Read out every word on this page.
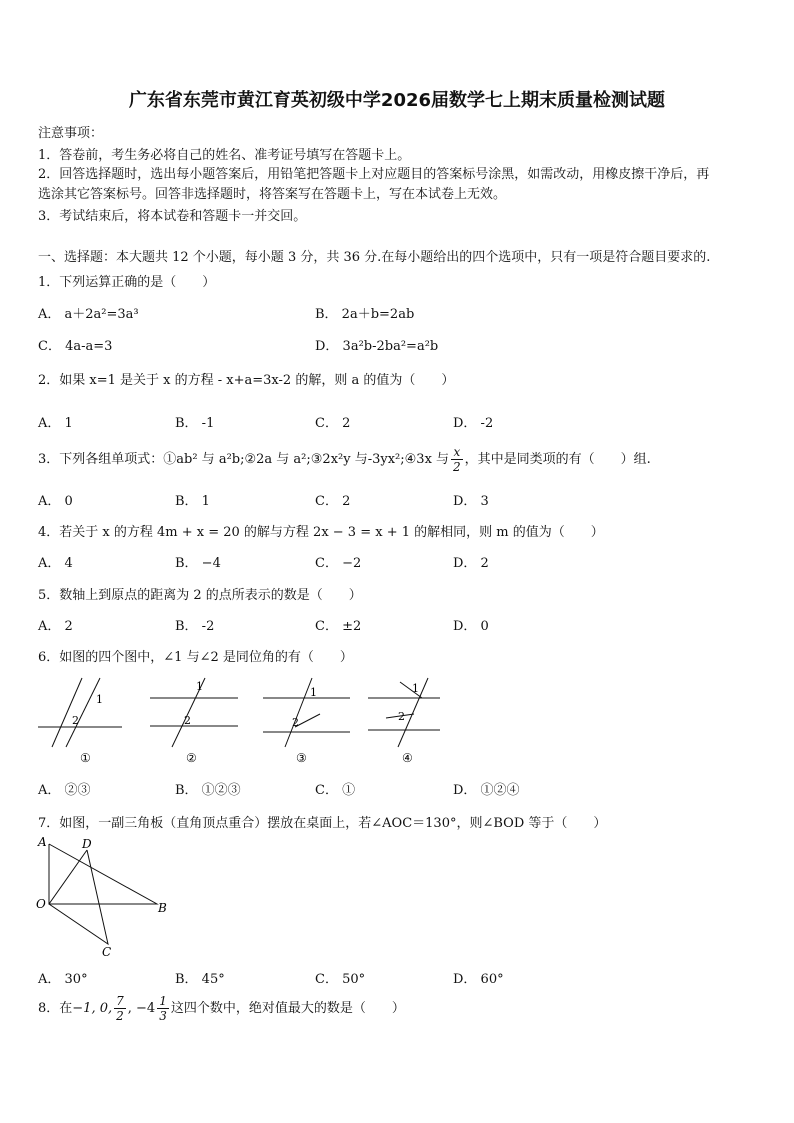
广东省东莞市黄江育英初级中学2026届数学七上期末质量检测试题
注意事项：
1．答卷前，考生务必将自己的姓名、准考证号填写在答题卡上。
2．回答选择题时，选出每小题答案后，用铅笔把答题卡上对应题目的答案标号涂黑，如需改动，用橡皮擦干净后，再
选涂其它答案标号。回答非选择题时，将答案写在答题卡上，写在本试卷上无效。
3．考试结束后，将本试卷和答题卡一并交回。
一、选择题：本大题共 12 个小题，每小题 3 分，共 36 分.在每小题给出的四个选项中，只有一项是符合题目要求的.
1．下列运算正确的是（　　）
A． a＋2a²=3a³	B． 2a＋b=2ab
C． 4a-a=3	D． 3a²b-2ba²=a²b
2．如果 x=1 是关于 x 的方程 - x+a=3x-2 的解，则 a 的值为（　　）
A． 1	B． -1	C． 2	D． -2
3．下列各组单项式：①ab² 与 a²b;②2a 与 a²;③2x²y 与-3yx²;④3x 与 $\frac{x}{2}$ ，其中是同类项的有（　　）组.
A． 0	B． 1	C． 2	D． 3
4．若关于 x 的方程 4m + x = 20 的解与方程 2x − 3 = x + 1 的解相同，则 m 的值为（　　）
A． 4	B． −4	C． −2	D． 2
5．数轴上到原点的距离为 2 的点所表示的数是（　　）
A． 2	B． -2	C． ±2	D． 0
6．如图的四个图中，∠1 与∠2 是同位角的有（　　）
1
2
1
2
1
2
1
2
①	②	③	④
A． ②③	B． ①②③	C． ①	D． ①②④
7．如图，一副三角板（直角顶点重合）摆放在桌面上，若∠AOC＝130°，则∠BOD 等于（　　）
A	D
O	B
C
A． 30°	B． 45°	C． 50°	D． 60°
8．在−1, 0, $\frac{7}{2}$ , $-4 \frac{1}{3}$ 这四个数中，绝对值最大的数是（　　）
